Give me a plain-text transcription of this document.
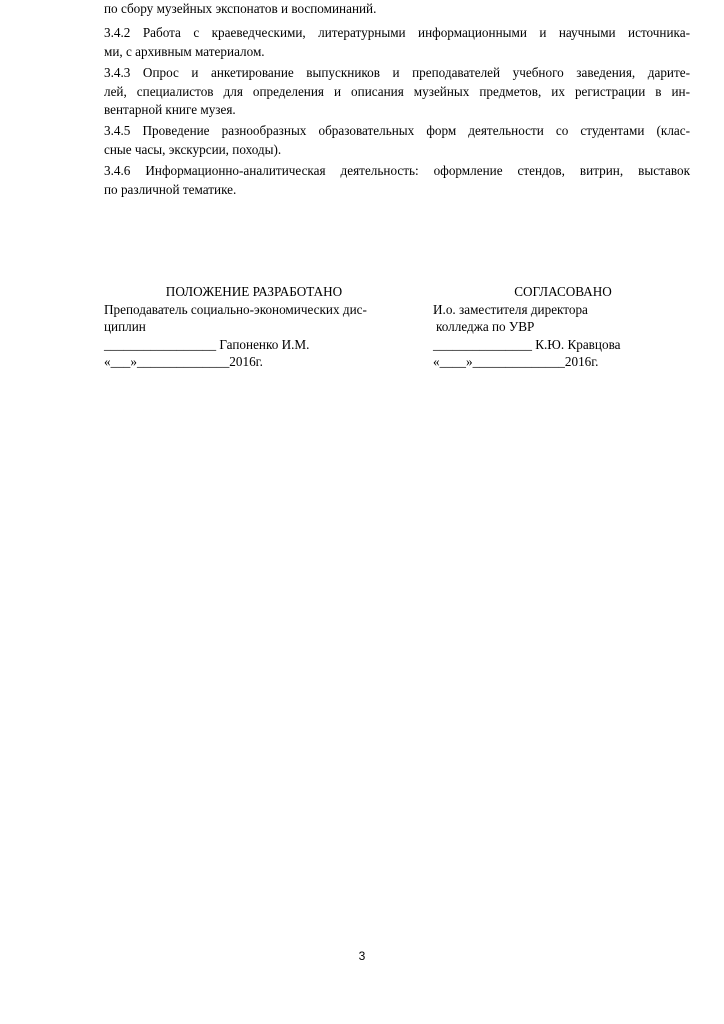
по сбору музейных экспонатов и воспоминаний.

3.4.2 Работа с краеведческими, литературными информационными и научными источника-
ми, с архивным материалом.

3.4.3 Опрос и анкетирование выпускников и преподавателей учебного заведения, дарите-
лей, специалистов для определения и описания музейных предметов, их регистрации в ин-
вентарной книге музея.

3.4.5 Проведение разнообразных образовательных форм деятельности со студентами (клас-
сные часы, экскурсии, походы).

3.4.6 Информационно-аналитическая деятельность: оформление стендов, витрин, выставок
по различной тематике.

ПОЛОЖЕНИЕ РАЗРАБОТАНО
Преподаватель социально-экономических дис-
циплин
_________________ Гапоненко И.М.
«___»______________2016г.
СОГЛАСОВАНО
И.о. заместителя директора
колледжа по УВР
_______________ К.Ю. Кравцова
«____»______________2016г.
3
